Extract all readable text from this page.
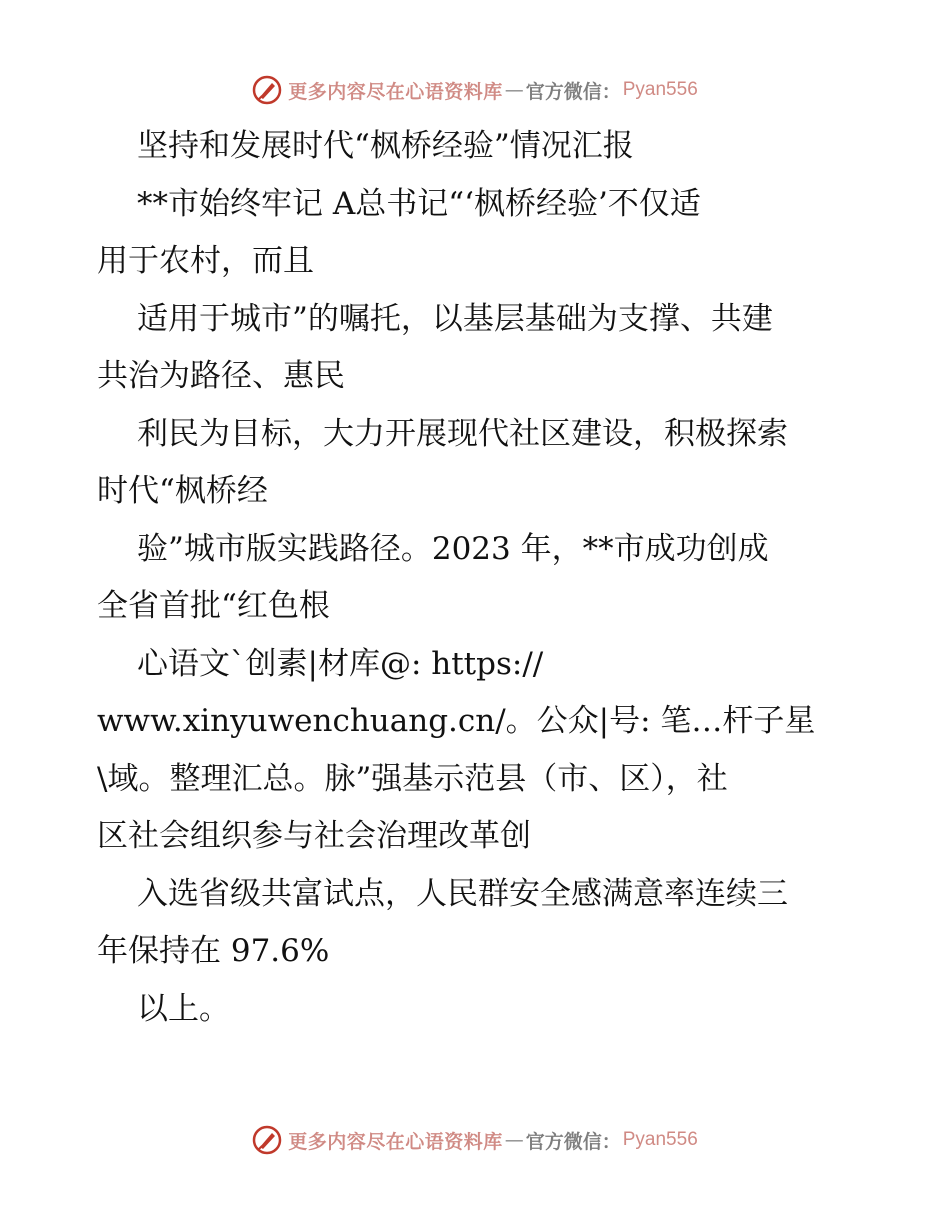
更多内容尽在心语资料库 — 官方微信： Pyan556
坚持和发展时代“枫桥经验”情况汇报
**市始终牢记 A总书记“‘枫桥经验’不仅适
用于农村，而且
适用于城市”的嘱托，以基层基础为支撑、共建
共治为路径、惠民
利民为目标，大力开展现代社区建设，积极探索
时代“枫桥经
验”城市版实践路径。2023 年，**市成功创成
全省首批“红色根
心语文`创素|材库@: https://
www.xinyuwenchuang.cn/。公众|号: 笔…杆子星
\域。整理汇总。脉”强基示范县（市、区），社
区社会组织参与社会治理改革创
入选省级共富试点，人民群安全感满意率连续三
年保持在 97.6%
以上。
更多内容尽在心语资料库 — 官方微信： Pyan556
